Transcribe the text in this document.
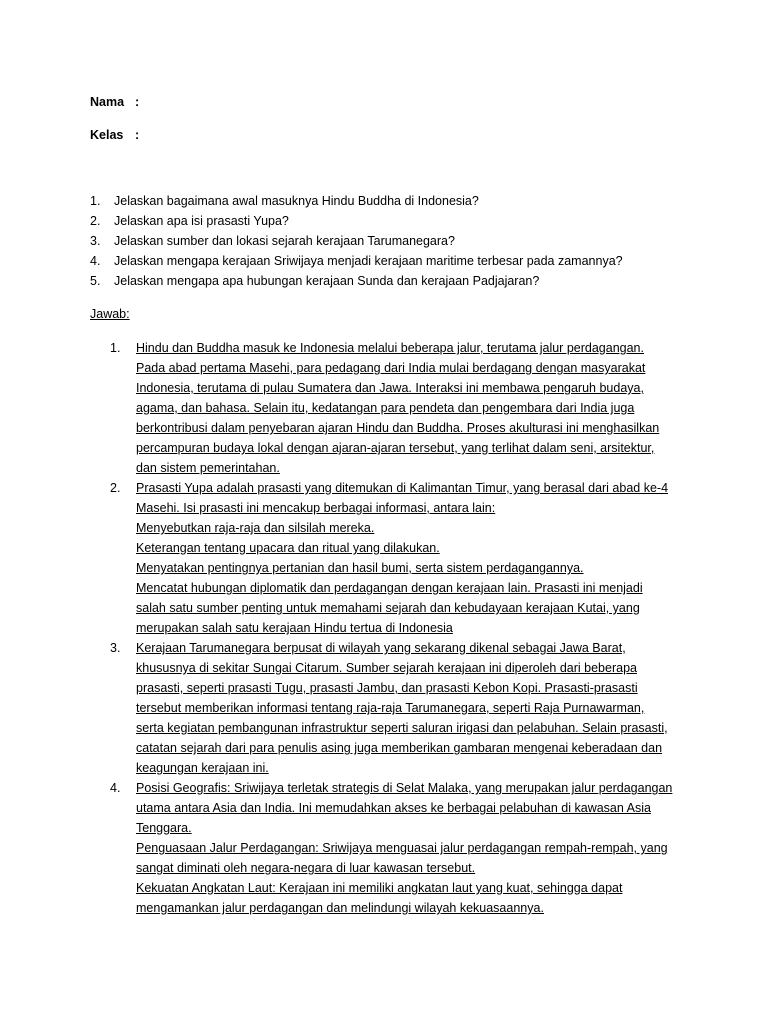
Nama :
Kelas :
1. Jelaskan bagaimana awal masuknya Hindu Buddha di Indonesia?
2. Jelaskan apa isi prasasti Yupa?
3. Jelaskan sumber dan lokasi sejarah kerajaan Tarumanegara?
4. Jelaskan mengapa kerajaan Sriwijaya menjadi kerajaan maritime terbesar pada zamannya?
5. Jelaskan mengapa apa hubungan kerajaan Sunda dan kerajaan Padjajaran?
Jawab:
1. Hindu dan Buddha masuk ke Indonesia melalui beberapa jalur, terutama jalur perdagangan.
Pada abad pertama Masehi, para pedagang dari India mulai berdagang dengan masyarakat
Indonesia, terutama di pulau Sumatera dan Jawa. Interaksi ini membawa pengaruh budaya,
agama, dan bahasa. Selain itu, kedatangan para pendeta dan pengembara dari India juga
berkontribusi dalam penyebaran ajaran Hindu dan Buddha. Proses akulturasi ini menghasilkan
percampuran budaya lokal dengan ajaran-ajaran tersebut, yang terlihat dalam seni, arsitektur,
dan sistem pemerintahan.
2. Prasasti Yupa adalah prasasti yang ditemukan di Kalimantan Timur, yang berasal dari abad ke-4
Masehi. Isi prasasti ini mencakup berbagai informasi, antara lain:
Menyebutkan raja-raja dan silsilah mereka.
Keterangan tentang upacara dan ritual yang dilakukan.
Menyatakan pentingnya pertanian dan hasil bumi, serta sistem perdagangannya.
Mencatat hubungan diplomatik dan perdagangan dengan kerajaan lain. Prasasti ini menjadi
salah satu sumber penting untuk memahami sejarah dan kebudayaan kerajaan Kutai, yang
merupakan salah satu kerajaan Hindu tertua di Indonesia
3. Kerajaan Tarumanegara berpusat di wilayah yang sekarang dikenal sebagai Jawa Barat,
khususnya di sekitar Sungai Citarum. Sumber sejarah kerajaan ini diperoleh dari beberapa
prasasti, seperti prasasti Tugu, prasasti Jambu, dan prasasti Kebon Kopi. Prasasti-prasasti
tersebut memberikan informasi tentang raja-raja Tarumanegara, seperti Raja Purnawarman,
serta kegiatan pembangunan infrastruktur seperti saluran irigasi dan pelabuhan. Selain prasasti,
catatan sejarah dari para penulis asing juga memberikan gambaran mengenai keberadaan dan
keagungan kerajaan ini.
4. Posisi Geografis: Sriwijaya terletak strategis di Selat Malaka, yang merupakan jalur perdagangan
utama antara Asia dan India. Ini memudahkan akses ke berbagai pelabuhan di kawasan Asia
Tenggara.
Penguasaan Jalur Perdagangan: Sriwijaya menguasai jalur perdagangan rempah-rempah, yang
sangat diminati oleh negara-negara di luar kawasan tersebut.
Kekuatan Angkatan Laut: Kerajaan ini memiliki angkatan laut yang kuat, sehingga dapat
mengamankan jalur perdagangan dan melindungi wilayah kekuasaannya.
